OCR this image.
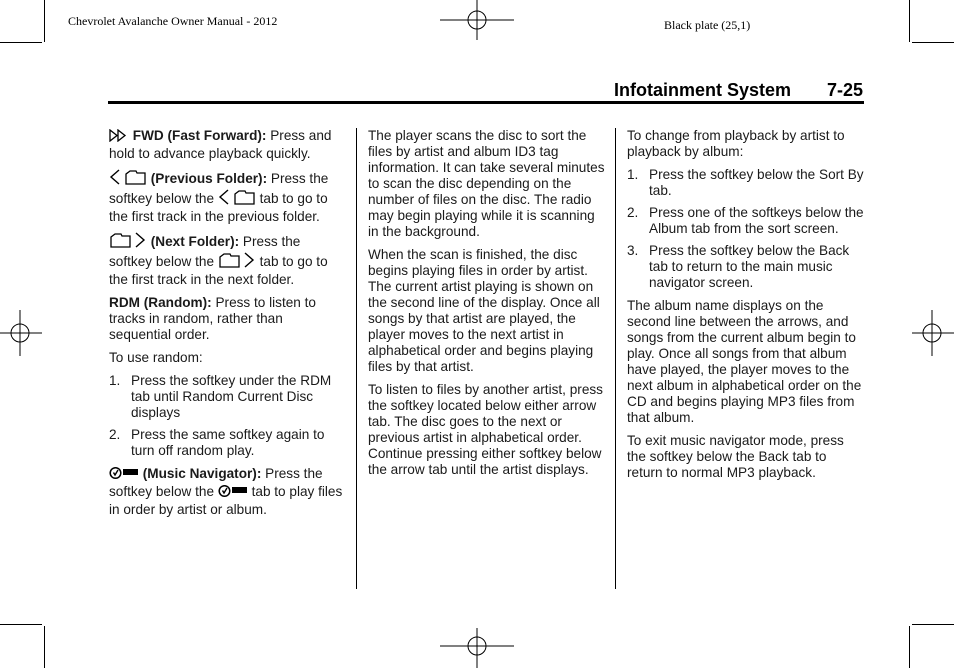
Chevrolet Avalanche Owner Manual - 2012	Black plate (25,1)
Infotainment System 7-25

FWD (Fast Forward): Press and hold to advance playback quickly.

(Previous Folder): Press the softkey below the	tab to go to the first track in the previous folder.

(Next Folder): Press the softkey below the	tab to go to the first track in the next folder.

RDM (Random): Press to listen to tracks in random, rather than sequential order.

To use random:

1. Press the softkey under the RDM tab until Random Current Disc displays
2. Press the same softkey again to turn off random play.

(Music Navigator): Press the softkey below the	tab to play files in order by artist or album.

The player scans the disc to sort the files by artist and album ID3 tag information. It can take several minutes to scan the disc depending on the number of files on the disc. The radio may begin playing while it is scanning in the background.

When the scan is finished, the disc begins playing files in order by artist. The current artist playing is shown on the second line of the display. Once all songs by that artist are played, the player moves to the next artist in alphabetical order and begins playing files by that artist.

To listen to files by another artist, press the softkey located below either arrow tab. The disc goes to the next or previous artist in alphabetical order. Continue pressing either softkey below the arrow tab until the artist displays.

To change from playback by artist to playback by album:

1. Press the softkey below the Sort By tab.
2. Press one of the softkeys below the Album tab from the sort screen.
3. Press the softkey below the Back tab to return to the main music navigator screen.

The album name displays on the second line between the arrows, and songs from the current album begin to play. Once all songs from that album have played, the player moves to the next album in alphabetical order on the CD and begins playing MP3 files from that album.

To exit music navigator mode, press the softkey below the Back tab to return to normal MP3 playback.
